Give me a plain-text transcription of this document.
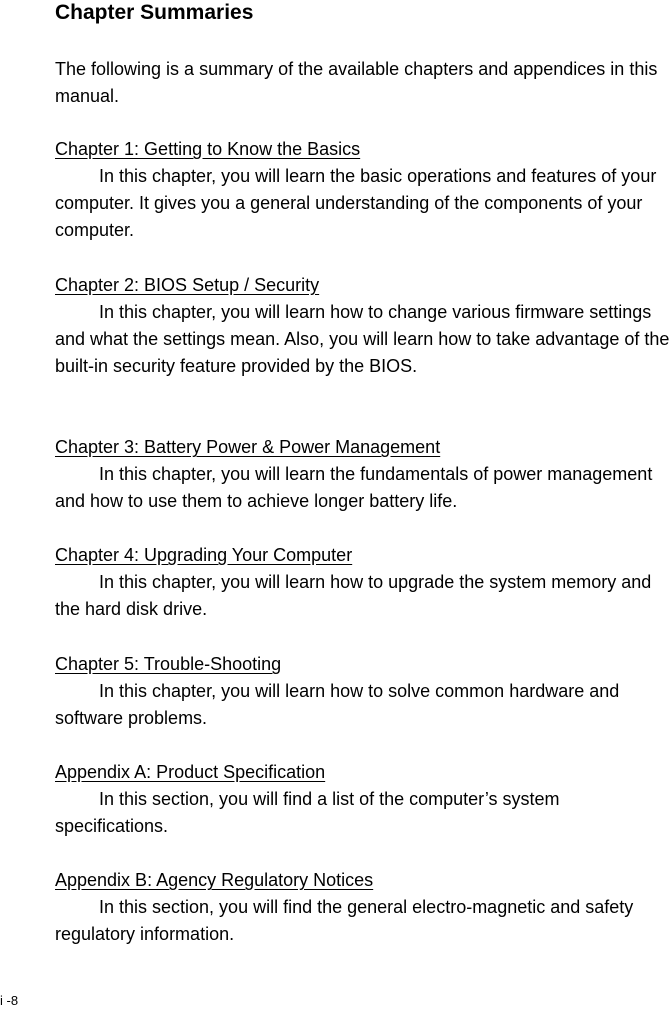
Chapter Summaries

The following is a summary of the available chapters and appendices in this manual.

Chapter 1: Getting to Know the Basics

In this chapter, you will learn the basic operations and features of your computer. It gives you a general understanding of the components of your computer.

Chapter 2: BIOS Setup / Security

In this chapter, you will learn how to change various firmware settings and what the settings mean. Also, you will learn how to take advantage of the built-in security feature provided by the BIOS.

Chapter 3: Battery Power & Power Management

In this chapter, you will learn the fundamentals of power management and how to use them to achieve longer battery life.

Chapter 4: Upgrading Your Computer

In this chapter, you will learn how to upgrade the system memory and the hard disk drive.

Chapter 5: Trouble-Shooting

In this chapter, you will learn how to solve common hardware and software problems.

Appendix A: Product Specification

In this section, you will find a list of the computer’s system specifications.

Appendix B: Agency Regulatory Notices

In this section, you will find the general electro-magnetic and safety regulatory information.

i -8
